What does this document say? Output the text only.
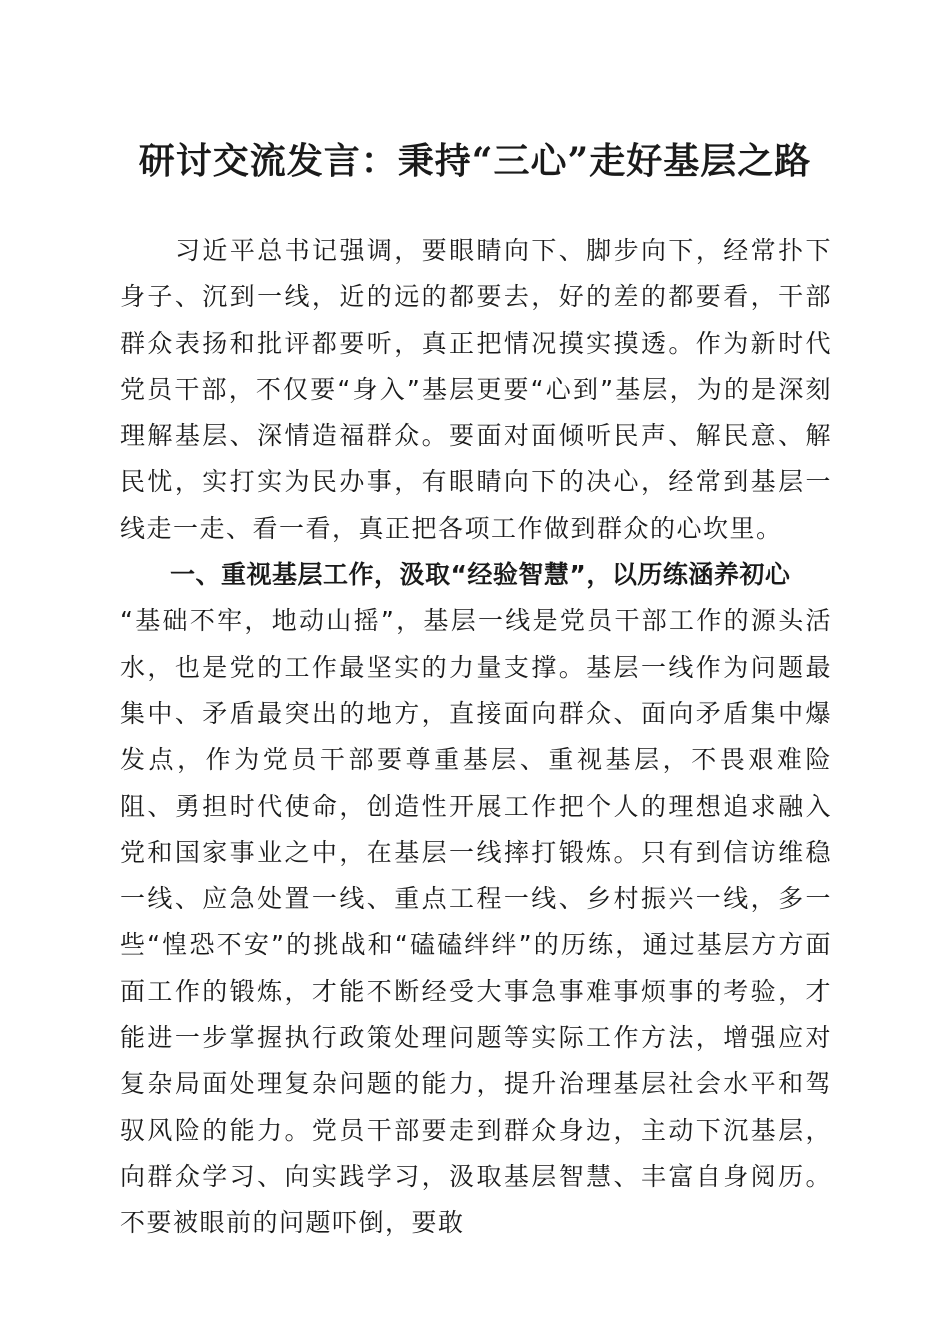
研讨交流发言：秉持“三心”走好基层之路

习近平总书记强调，要眼睛向下、脚步向下，经常扑下身子、沉到一线，近的远的都要去，好的差的都要看，干部群众表扬和批评都要听，真正把情况摸实摸透。作为新时代党员干部，不仅要“身入”基层更要“心到”基层，为的是深刻理解基层、深情造福群众。要面对面倾听民声、解民意、解民忧，实打实为民办事，有眼睛向下的决心，经常到基层一线走一走、看一看，真正把各项工作做到群众的心坎里。

一、重视基层工作，汲取“经验智慧”，以历练涵养初心

“基础不牢，地动山摇”，基层一线是党员干部工作的源头活水，也是党的工作最坚实的力量支撑。基层一线作为问题最集中、矛盾最突出的地方，直接面向群众、面向矛盾集中爆发点，作为党员干部要尊重基层、重视基层，不畏艰难险阻、勇担时代使命，创造性开展工作把个人的理想追求融入党和国家事业之中，在基层一线摔打锻炼。只有到信访维稳一线、应急处置一线、重点工程一线、乡村振兴一线，多一些“惶恐不安”的挑战和“磕磕绊绊”的历练，通过基层方方面面工作的锻炼，才能不断经受大事急事难事烦事的考验，才能进一步掌握执行政策处理问题等实际工作方法，增强应对复杂局面处理复杂问题的能力，提升治理基层社会水平和驾驭风险的能力。党员干部要走到群众身边，主动下沉基层，向群众学习、向实践学习，汲取基层智慧、丰富自身阅历。不要被眼前的问题吓倒，要敢
